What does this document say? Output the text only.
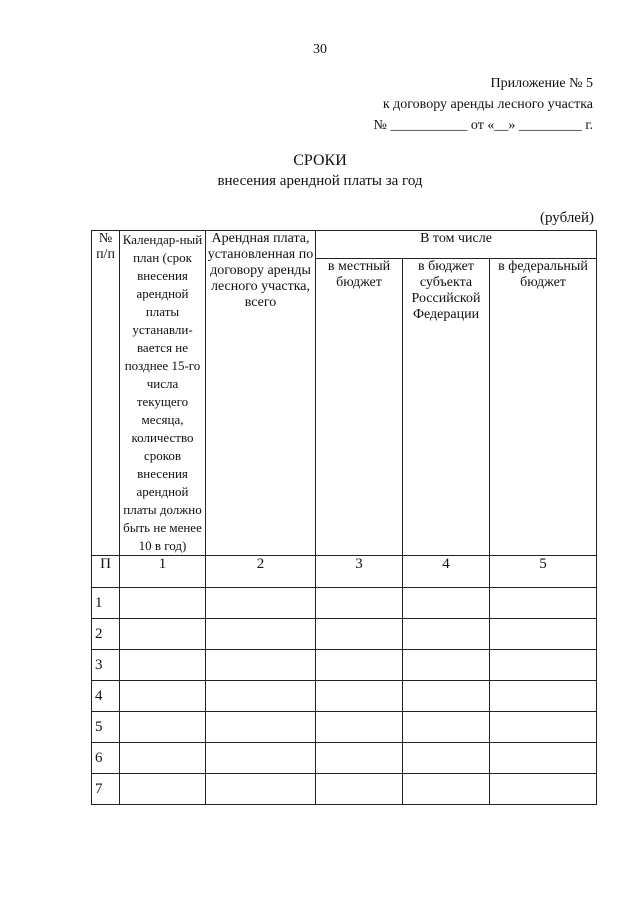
30
Приложение № 5
к договору аренды лесного участка
№ ___________ от «__» _________ г.
СРОКИ
внесения арендной платы за год
(рублей)
№ п/п	Календар-ный план (срок внесения арендной платы устанавли-вается не позднее 15-го числа текущего месяца, количество сроков внесения арендной платы должно быть не менее 10 в год)	Арендная плата, установленная по договору аренды лесного участка, всего	В том числе		
			в местный бюджет	в бюджет субъекта Российской Федерации	в федеральный бюджет
П	1	2	3	4	5
1					
2					
3					
4					
5					
6					
7					
